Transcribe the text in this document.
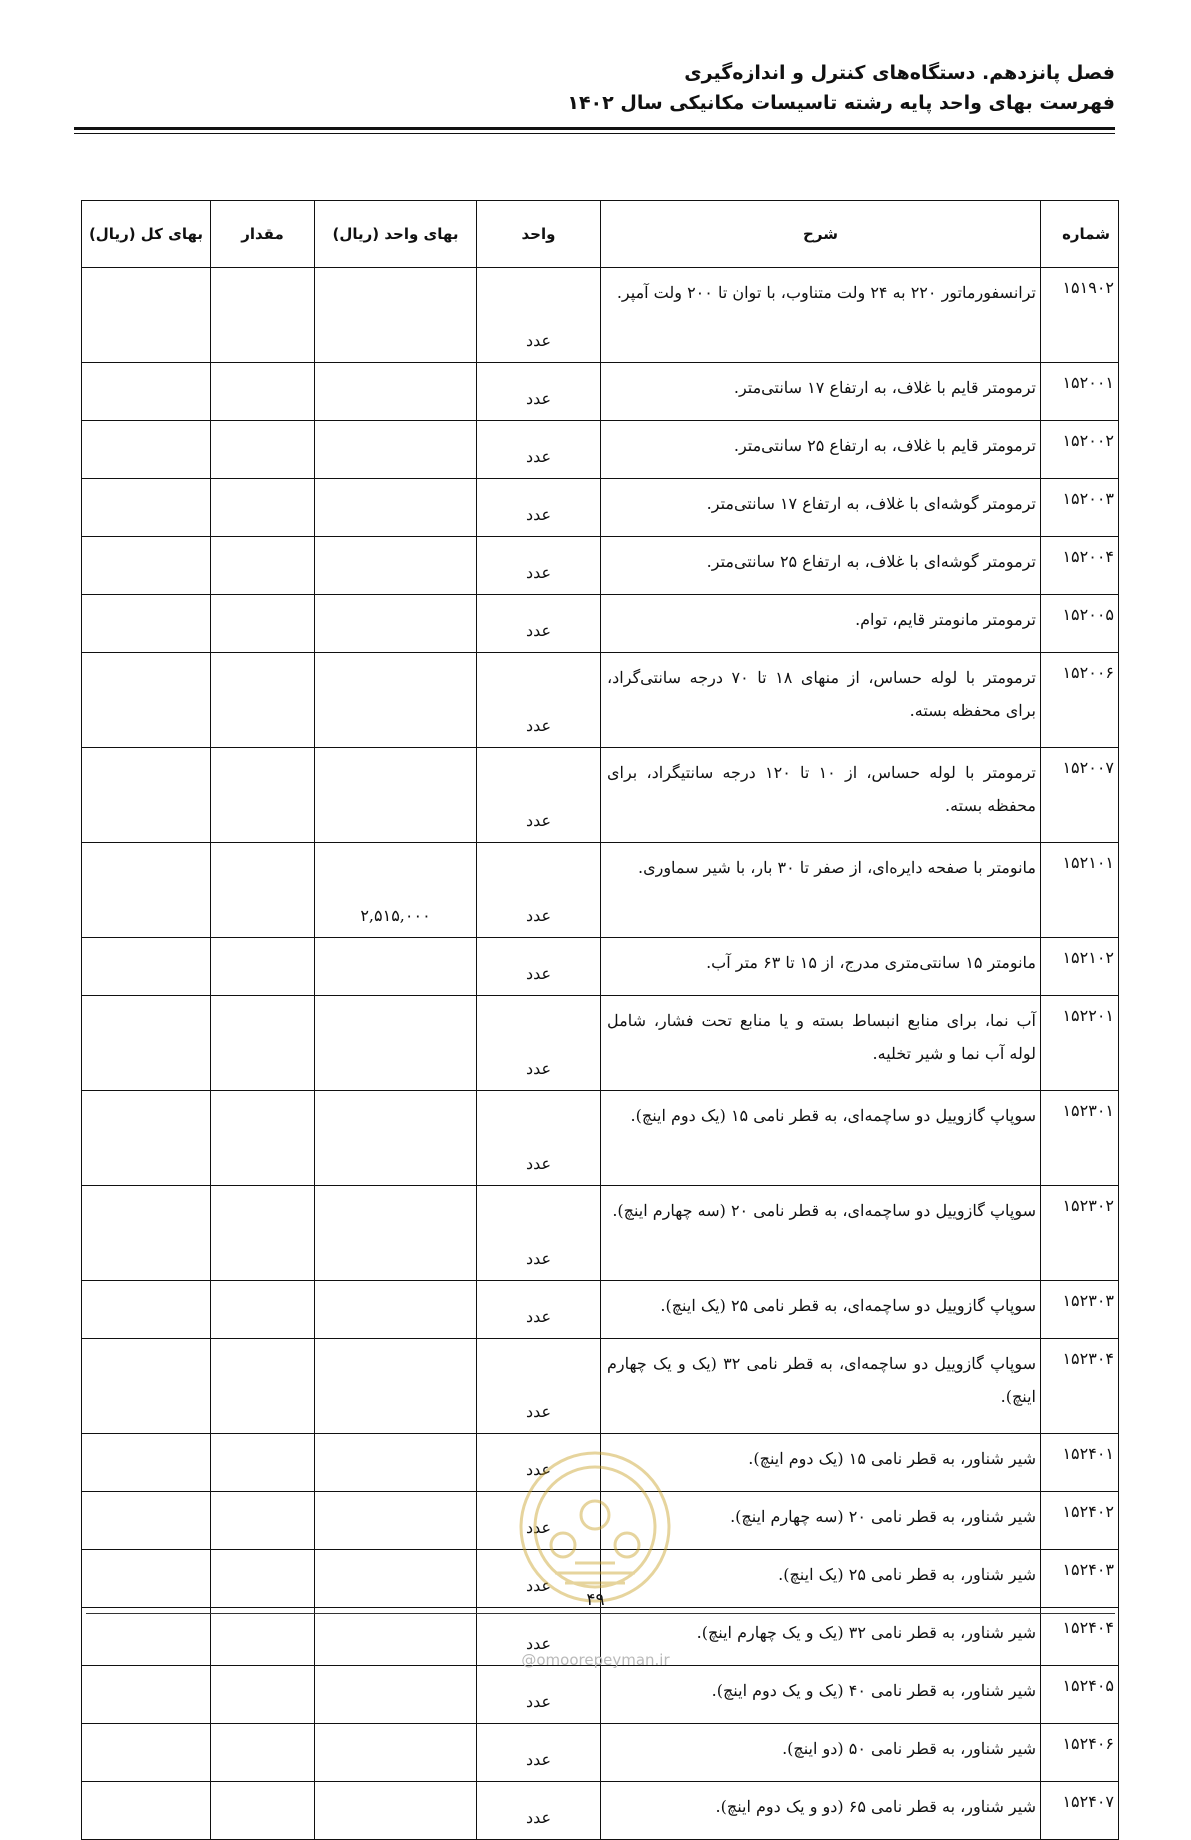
فصل پانزدهم. دستگاه‌های کنترل و اندازه‌گیری
فهرست بهای واحد پایه رشته تاسیسات مکانیکی سال ۱۴۰۲
شماره	شرح	واحد	بهای واحد (ریال)	مقدار	بهای کل (ریال)
۱۵۱۹۰۲	ترانسفورماتور ۲۲۰ به ۲۴ ولت متناوب، با توان تا ۲۰۰ ولت آمپر.	عدد			
۱۵۲۰۰۱	ترمومتر قایم با غلاف، به ارتفاع ۱۷ سانتی‌متر.	عدد			
۱۵۲۰۰۲	ترمومتر قایم با غلاف، به ارتفاع ۲۵ سانتی‌متر.	عدد			
۱۵۲۰۰۳	ترمومتر گوشه‌ای با غلاف، به ارتفاع ۱۷ سانتی‌متر.	عدد			
۱۵۲۰۰۴	ترمومتر گوشه‌ای با غلاف، به ارتفاع ۲۵ سانتی‌متر.	عدد			
۱۵۲۰۰۵	ترمومتر مانومتر قایم، توام.	عدد			
۱۵۲۰۰۶	ترمومتر با لوله حساس، از منهای ۱۸ تا ۷۰ درجه سانتی‌گراد، برای محفظه بسته.	عدد			
۱۵۲۰۰۷	ترمومتر با لوله حساس، از ۱۰ تا ۱۲۰ درجه سانتیگراد، برای محفظه بسته.	عدد			
۱۵۲۱۰۱	مانومتر با صفحه دایره‌ای، از صفر تا ۳۰ بار، با شیر سماوری.	عدد	۲,۵۱۵,۰۰۰		
۱۵۲۱۰۲	مانومتر ۱۵ سانتی‌متری مدرج، از ۱۵ تا ۶۳ متر آب.	عدد			
۱۵۲۲۰۱	آب نما، برای منابع انبساط بسته و یا منابع تحت فشار، شامل لوله آب نما و شیر تخلیه.	عدد			
۱۵۲۳۰۱	سوپاپ گازوییل دو ساچمه‌ای، به قطر نامی ۱۵ (یک دوم اینچ).	عدد			
۱۵۲۳۰۲	سوپاپ گازوییل دو ساچمه‌ای، به قطر نامی ۲۰ (سه چهارم اینچ).	عدد			
۱۵۲۳۰۳	سوپاپ گازوییل دو ساچمه‌ای، به قطر نامی ۲۵ (یک اینچ).	عدد			
۱۵۲۳۰۴	سوپاپ گازوییل دو ساچمه‌ای، به قطر نامی ۳۲ (یک و یک چهارم اینچ).	عدد			
۱۵۲۴۰۱	شیر شناور، به قطر نامی ۱۵ (یک دوم اینچ).	عدد			
۱۵۲۴۰۲	شیر شناور، به قطر نامی ۲۰ (سه چهارم اینچ).	عدد			
۱۵۲۴۰۳	شیر شناور، به قطر نامی ۲۵ (یک اینچ).	عدد			
۱۵۲۴۰۴	شیر شناور، به قطر نامی ۳۲ (یک و یک چهارم اینچ).	عدد			
۱۵۲۴۰۵	شیر شناور، به قطر نامی ۴۰ (یک و یک دوم اینچ).	عدد			
۱۵۲۴۰۶	شیر شناور، به قطر نامی ۵۰ (دو اینچ).	عدد			
۱۵۲۴۰۷	شیر شناور، به قطر نامی ۶۵ (دو و یک دوم اینچ).	عدد			
۴۹
@omoorepeyman.ir
